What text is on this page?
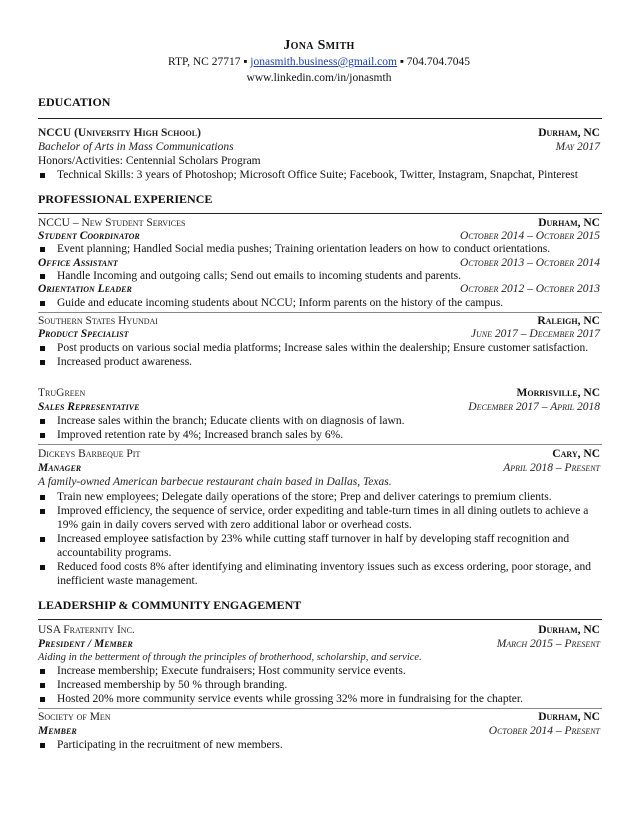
Jona Smith
RTP, NC 27717 ▪ jonasmith.business@gmail.com ▪ 704.704.7045
www.linkedin.com/in/jonasmth
EDUCATION
NCCU (University High School)	Durham, NC
Bachelor of Arts in Mass Communications	May 2017
Honors/Activities: Centennial Scholars Program
Technical Skills: 3 years of Photoshop; Microsoft Office Suite; Facebook, Twitter, Instagram, Snapchat, Pinterest
PROFESSIONAL EXPERIENCE
NCCU – New Student Services	Durham, NC
Student Coordinator	October 2014 – October 2015
Event planning; Handled Social media pushes; Training orientation leaders on how to conduct orientations.
Office Assistant	October 2013 – October 2014
Handle Incoming and outgoing calls; Send out emails to incoming students and parents.
Orientation Leader	October 2012 – October 2013
Guide and educate incoming students about NCCU; Inform parents on the history of the campus.
Southern States Hyundai	Raleigh, NC
Product Specialist	June 2017 – December 2017
Post products on various social media platforms; Increase sales within the dealership; Ensure customer satisfaction.
Increased product awareness.
TruGreen	Morrisville, NC
Sales Representative	December 2017 – April 2018
Increase sales within the branch; Educate clients with on diagnosis of lawn.
Improved retention rate by 4%; Increased branch sales by 6%.
Dickeys Barbeque Pit	Cary, NC
Manager	April 2018 – Present
A family-owned American barbecue restaurant chain based in Dallas, Texas.
Train new employees; Delegate daily operations of the store; Prep and deliver caterings to premium clients.
Improved efficiency, the sequence of service, order expediting and table-turn times in all dining outlets to achieve a 19% gain in daily covers served with zero additional labor or overhead costs.
Increased employee satisfaction by 23% while cutting staff turnover in half by developing staff recognition and accountability programs.
Reduced food costs 8% after identifying and eliminating inventory issues such as excess ordering, poor storage, and inefficient waste management.
LEADERSHIP & COMMUNITY ENGAGEMENT
USA Fraternity Inc.	Durham, NC
President / Member	March 2015 – Present
Aiding in the betterment of through the principles of brotherhood, scholarship, and service.
Increase membership; Execute fundraisers; Host community service events.
Increased membership by 50 % through branding.
Hosted 20% more community service events while grossing 32% more in fundraising for the chapter.
Society of Men	Durham, NC
Member	October 2014 – Present
Participating in the recruitment of new members.
